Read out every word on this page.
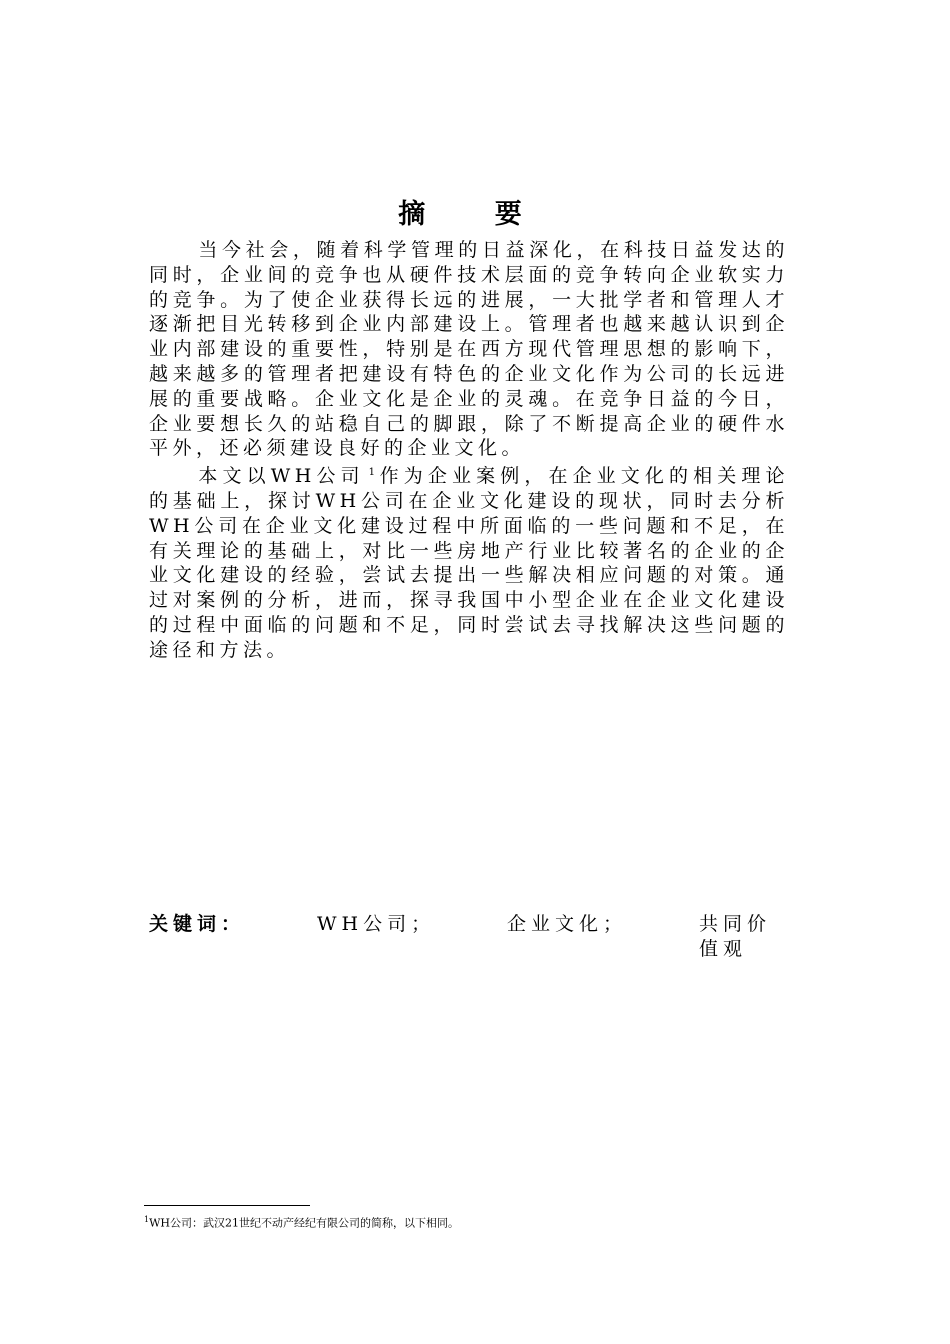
摘 要

当今社会，随着科学管理的日益深化，在科技日益发达的同时，企业间的竞争也从硬件技术层面的竞争转向企业软实力的竞争。为了使企业获得长远的进展，一大批学者和管理人才逐渐把目光转移到企业内部建设上。管理者也越来越认识到企业内部建设的重要性，特别是在西方现代管理思想的影响下，越来越多的管理者把建设有特色的企业文化作为公司的长远进展的重要战略。企业文化是企业的灵魂。在竞争日益的今日，企业要想长久的站稳自己的脚跟，除了不断提高企业的硬件水平外，还必须建设良好的企业文化。

本文以WH公司 $^1$ 作为企业案例，在企业文化的相关理论的基础上，探讨WH公司在企业文化建设的现状，同时去分析WH公司在企业文化建设过程中所面临的一些问题和不足，在有关理论的基础上，对比一些房地产行业比较著名的企业的企业文化建设的经验，尝试去提出一些解决相应问题的对策。通过对案例的分析，进而，探寻我国中小型企业在企业文化建设的过程中面临的问题和不足，同时尝试去寻找解决这些问题的途径和方法。

关键词：	WH公司；	企业文化；	共同价值观
$^1$WH公司：武汉21世纪不动产经纪有限公司的简称，以下相同。
